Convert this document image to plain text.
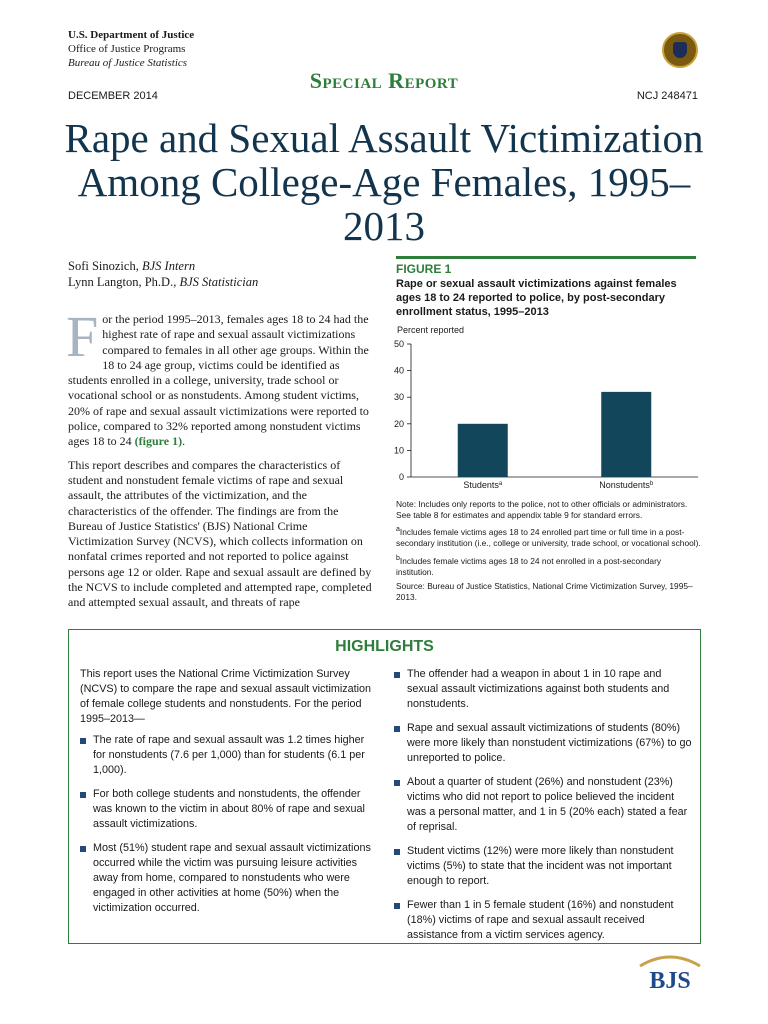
U.S. Department of Justice
Office of Justice Programs
Bureau of Justice Statistics
Special Report
DECEMBER 2014	NCJ 248471
Rape and Sexual Assault Victimization Among College-Age Females, 1995–2013
Sofi Sinozich, BJS Intern
Lynn Langton, Ph.D., BJS Statistician

For the period 1995–2013, females ages 18 to 24 had the highest rate of rape and sexual assault victimizations compared to females in all other age groups. Within the 18 to 24 age group, victims could be identified as students enrolled in a college, university, trade school or vocational school or as nonstudents. Among student victims, 20% of rape and sexual assault victimizations were reported to police, compared to 32% reported among nonstudent victims ages 18 to 24 (figure 1).

This report describes and compares the characteristics of student and nonstudent female victims of rape and sexual assault, the attributes of the victimization, and the characteristics of the offender. The findings are from the Bureau of Justice Statistics' (BJS) National Crime Victimization Survey (NCVS), which collects information on nonfatal crimes reported and not reported to police against persons age 12 or older. Rape and sexual assault are defined by the NCVS to include completed and attempted rape, completed and attempted sexual assault, and threats of rape

FIGURE 1
Rape or sexual assault victimizations against females ages 18 to 24 reported to police, by post-secondary enrollment status, 1995–2013
Percent reported
0
10
20
30
40
50
Students$^a$	Nonstudents$^b$

Note: Includes only reports to the police, not to other officials or administrators. See table 8 for estimates and appendix table 9 for standard errors.

$^a$Includes female victims ages 18 to 24 enrolled part time or full time in a post-secondary institution (i.e., college or university, trade school, or vocational school).

$^b$Includes female victims ages 18 to 24 not enrolled in a post-secondary institution.

Source: Bureau of Justice Statistics, National Crime Victimization Survey, 1995–2013.

HIGHLIGHTS

This report uses the National Crime Victimization Survey (NCVS) to compare the rape and sexual assault victimization of female college students and nonstudents. For the period 1995–2013—

The rate of rape and sexual assault was 1.2 times higher for nonstudents (7.6 per 1,000) than for students (6.1 per 1,000).
For both college students and nonstudents, the offender was known to the victim in about 80% of rape and sexual assault victimizations.
Most (51%) student rape and sexual assault victimizations occurred while the victim was pursuing leisure activities away from home, compared to nonstudents who were engaged in other activities at home (50%) when the victimization occurred.
The offender had a weapon in about 1 in 10 rape and sexual assault victimizations against both students and nonstudents.
Rape and sexual assault victimizations of students (80%) were more likely than nonstudent victimizations (67%) to go unreported to police.
About a quarter of student (26%) and nonstudent (23%) victims who did not report to police believed the incident was a personal matter, and 1 in 5 (20% each) stated a fear of reprisal.
Student victims (12%) were more likely than nonstudent victims (5%) to state that the incident was not important enough to report.
Fewer than 1 in 5 female student (16%) and nonstudent (18%) victims of rape and sexual assault received assistance from a victim services agency.
BJS
